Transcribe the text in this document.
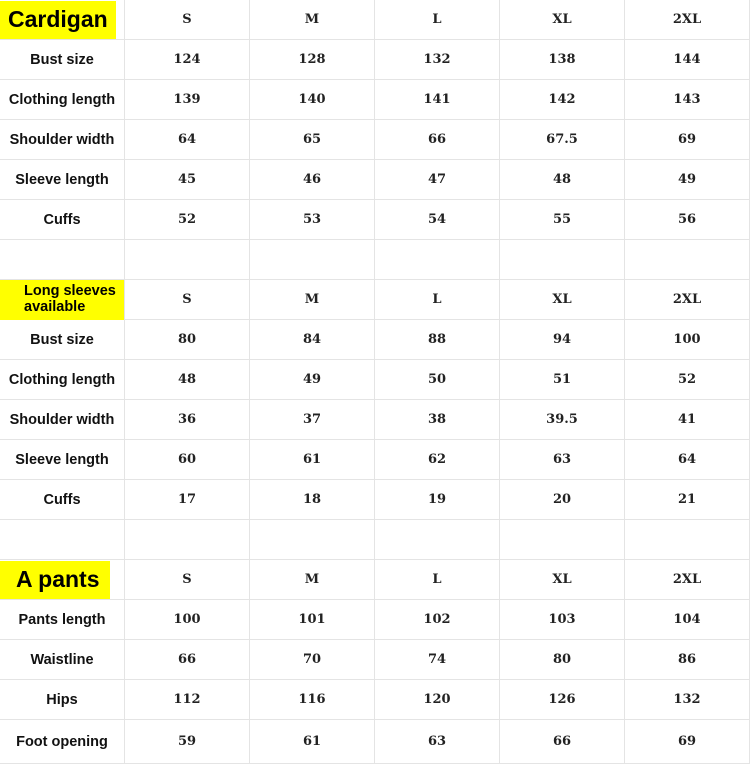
Cardigan	S	M	L	XL	2XL
Bust size	124	128	132	138	144
Clothing length	139	140	141	142	143
Shoulder width	64	65	66	67.5	69
Sleeve length	45	46	47	48	49
Cuffs	52	53	54	55	56
Long sleeves available	S	M	L	XL	2XL
Bust size	80	84	88	94	100
Clothing length	48	49	50	51	52
Shoulder width	36	37	38	39.5	41
Sleeve length	60	61	62	63	64
Cuffs	17	18	19	20	21
A pants	S	M	L	XL	2XL
Pants length	100	101	102	103	104
Waistline	66	70	74	80	86
Hips	112	116	120	126	132
Foot opening	59	61	63	66	69
